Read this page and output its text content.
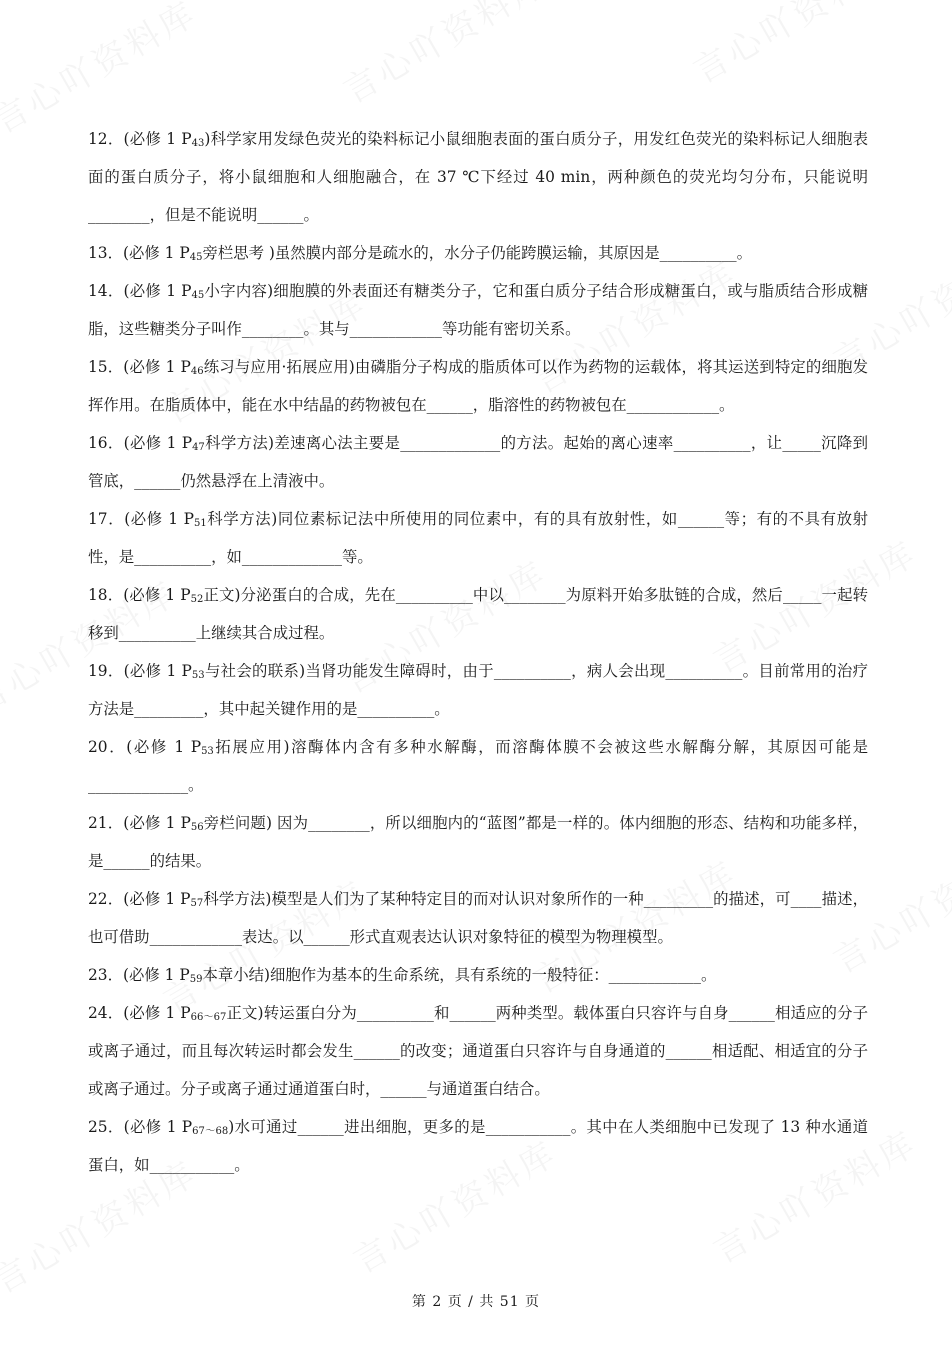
12．(必修 1 $P_{43}$)科学家用发绿色荧光的染料标记小鼠细胞表面的蛋白质分子，用发红色荧光的染料标记人细胞表面的蛋白质分子，将小鼠细胞和人细胞融合，在 37 ℃下经过 40 min，两种颜色的荧光均匀分布，只能说明________，但是不能说明______。

13．(必修 1 $P_{45}$旁栏思考 )虽然膜内部分是疏水的，水分子仍能跨膜运输，其原因是__________。

14．(必修 1 $P_{45}$小字内容)细胞膜的外表面还有糖类分子，它和蛋白质分子结合形成糖蛋白，或与脂质结合形成糖脂，这些糖类分子叫作________。其与____________等功能有密切关系。

15．(必修 1 $P_{46}$练习与应用·拓展应用)由磷脂分子构成的脂质体可以作为药物的运载体，将其运送到特定的细胞发挥作用。在脂质体中，能在水中结晶的药物被包在______，脂溶性的药物被包在____________。

16．(必修 1 $P_{47}$科学方法)差速离心法主要是_____________的方法。起始的离心速率__________，让_____沉降到管底，______仍然悬浮在上清液中。

17．(必修 1 $P_{51}$科学方法)同位素标记法中所使用的同位素中，有的具有放射性，如______等；有的不具有放射性，是__________，如_____________等。

18．(必修 1 $P_{52}$正文)分泌蛋白的合成，先在__________中以________为原料开始多肽链的合成，然后_____一起转移到__________上继续其合成过程。

19．(必修 1 $P_{53}$与社会的联系)当肾功能发生障碍时，由于__________，病人会出现__________。目前常用的治疗方法是_________，其中起关键作用的是__________。

20．(必修 1 $P_{53}$拓展应用)溶酶体内含有多种水解酶，而溶酶体膜不会被这些水解酶分解，其原因可能是_____________。

21．(必修 1 $P_{56}$旁栏问题) 因为________，所以细胞内的“蓝图”都是一样的。体内细胞的形态、结构和功能多样，是______的结果。

22．(必修 1 $P_{57}$科学方法)模型是人们为了某种特定目的而对认识对象所作的一种_________的描述，可____描述，也可借助____________表达。以______形式直观表达认识对象特征的模型为物理模型。

23．(必修 1 $P_{59}$本章小结)细胞作为基本的生命系统，具有系统的一般特征：____________。

24．(必修 1 $P_{66\sim 67}$正文)转运蛋白分为__________和______两种类型。载体蛋白只容许与自身______相适应的分子或离子通过，而且每次转运时都会发生______的改变；通道蛋白只容许与自身通道的______相适配、相适宜的分子或离子通过。分子或离子通过通道蛋白时，______与通道蛋白结合。

25．(必修 1 $P_{67\sim 68}$)水可通过______进出细胞，更多的是___________。其中在人类细胞中已发现了 13 种水通道蛋白，如___________。

第 2 页 / 共 51 页
